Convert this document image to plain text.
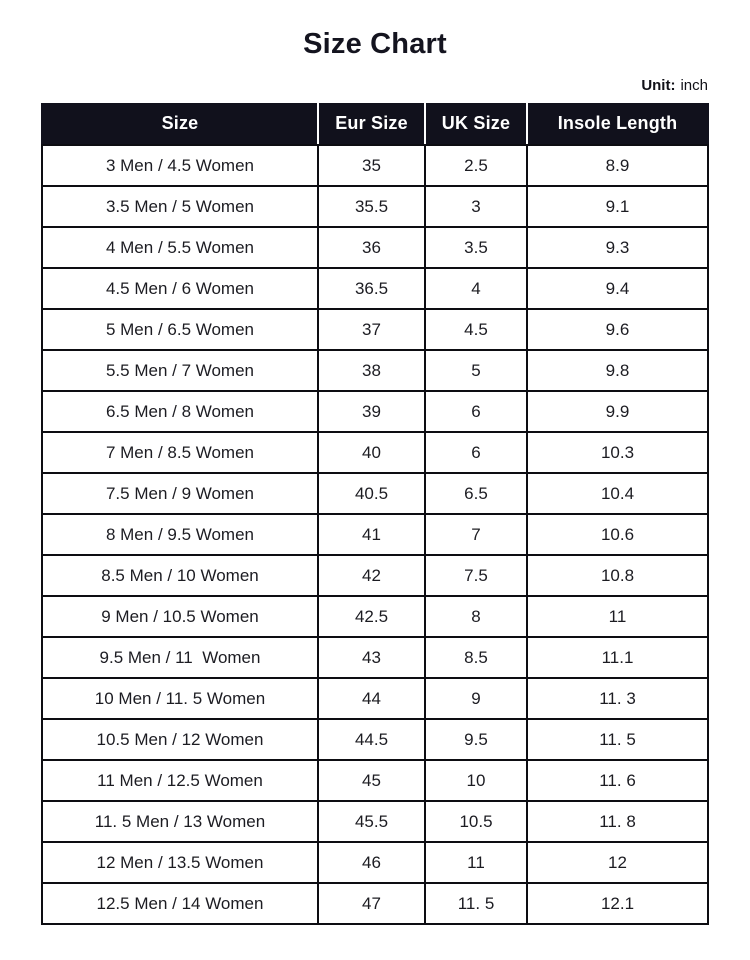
Size Chart
Unit: inch
Size	Eur Size	UK Size	Insole Length
3 Men / 4.5 Women	35	2.5	8.9
3.5 Men / 5 Women	35.5	3	9.1
4 Men / 5.5 Women	36	3.5	9.3
4.5 Men / 6 Women	36.5	4	9.4
5 Men / 6.5 Women	37	4.5	9.6
5.5 Men / 7 Women	38	5	9.8
6.5 Men / 8 Women	39	6	9.9
7 Men / 8.5 Women	40	6	10.3
7.5 Men / 9 Women	40.5	6.5	10.4
8 Men / 9.5 Women	41	7	10.6
8.5 Men / 10 Women	42	7.5	10.8
9 Men / 10.5 Women	42.5	8	11
9.5 Men / 11  Women	43	8.5	11.1
10 Men / 11. 5 Women	44	9	11. 3
10.5 Men / 12 Women	44.5	9.5	11. 5
11 Men / 12.5 Women	45	10	11. 6
11. 5 Men / 13 Women	45.5	10.5	11. 8
12 Men / 13.5 Women	46	11	12
12.5 Men / 14 Women	47	11. 5	12.1
